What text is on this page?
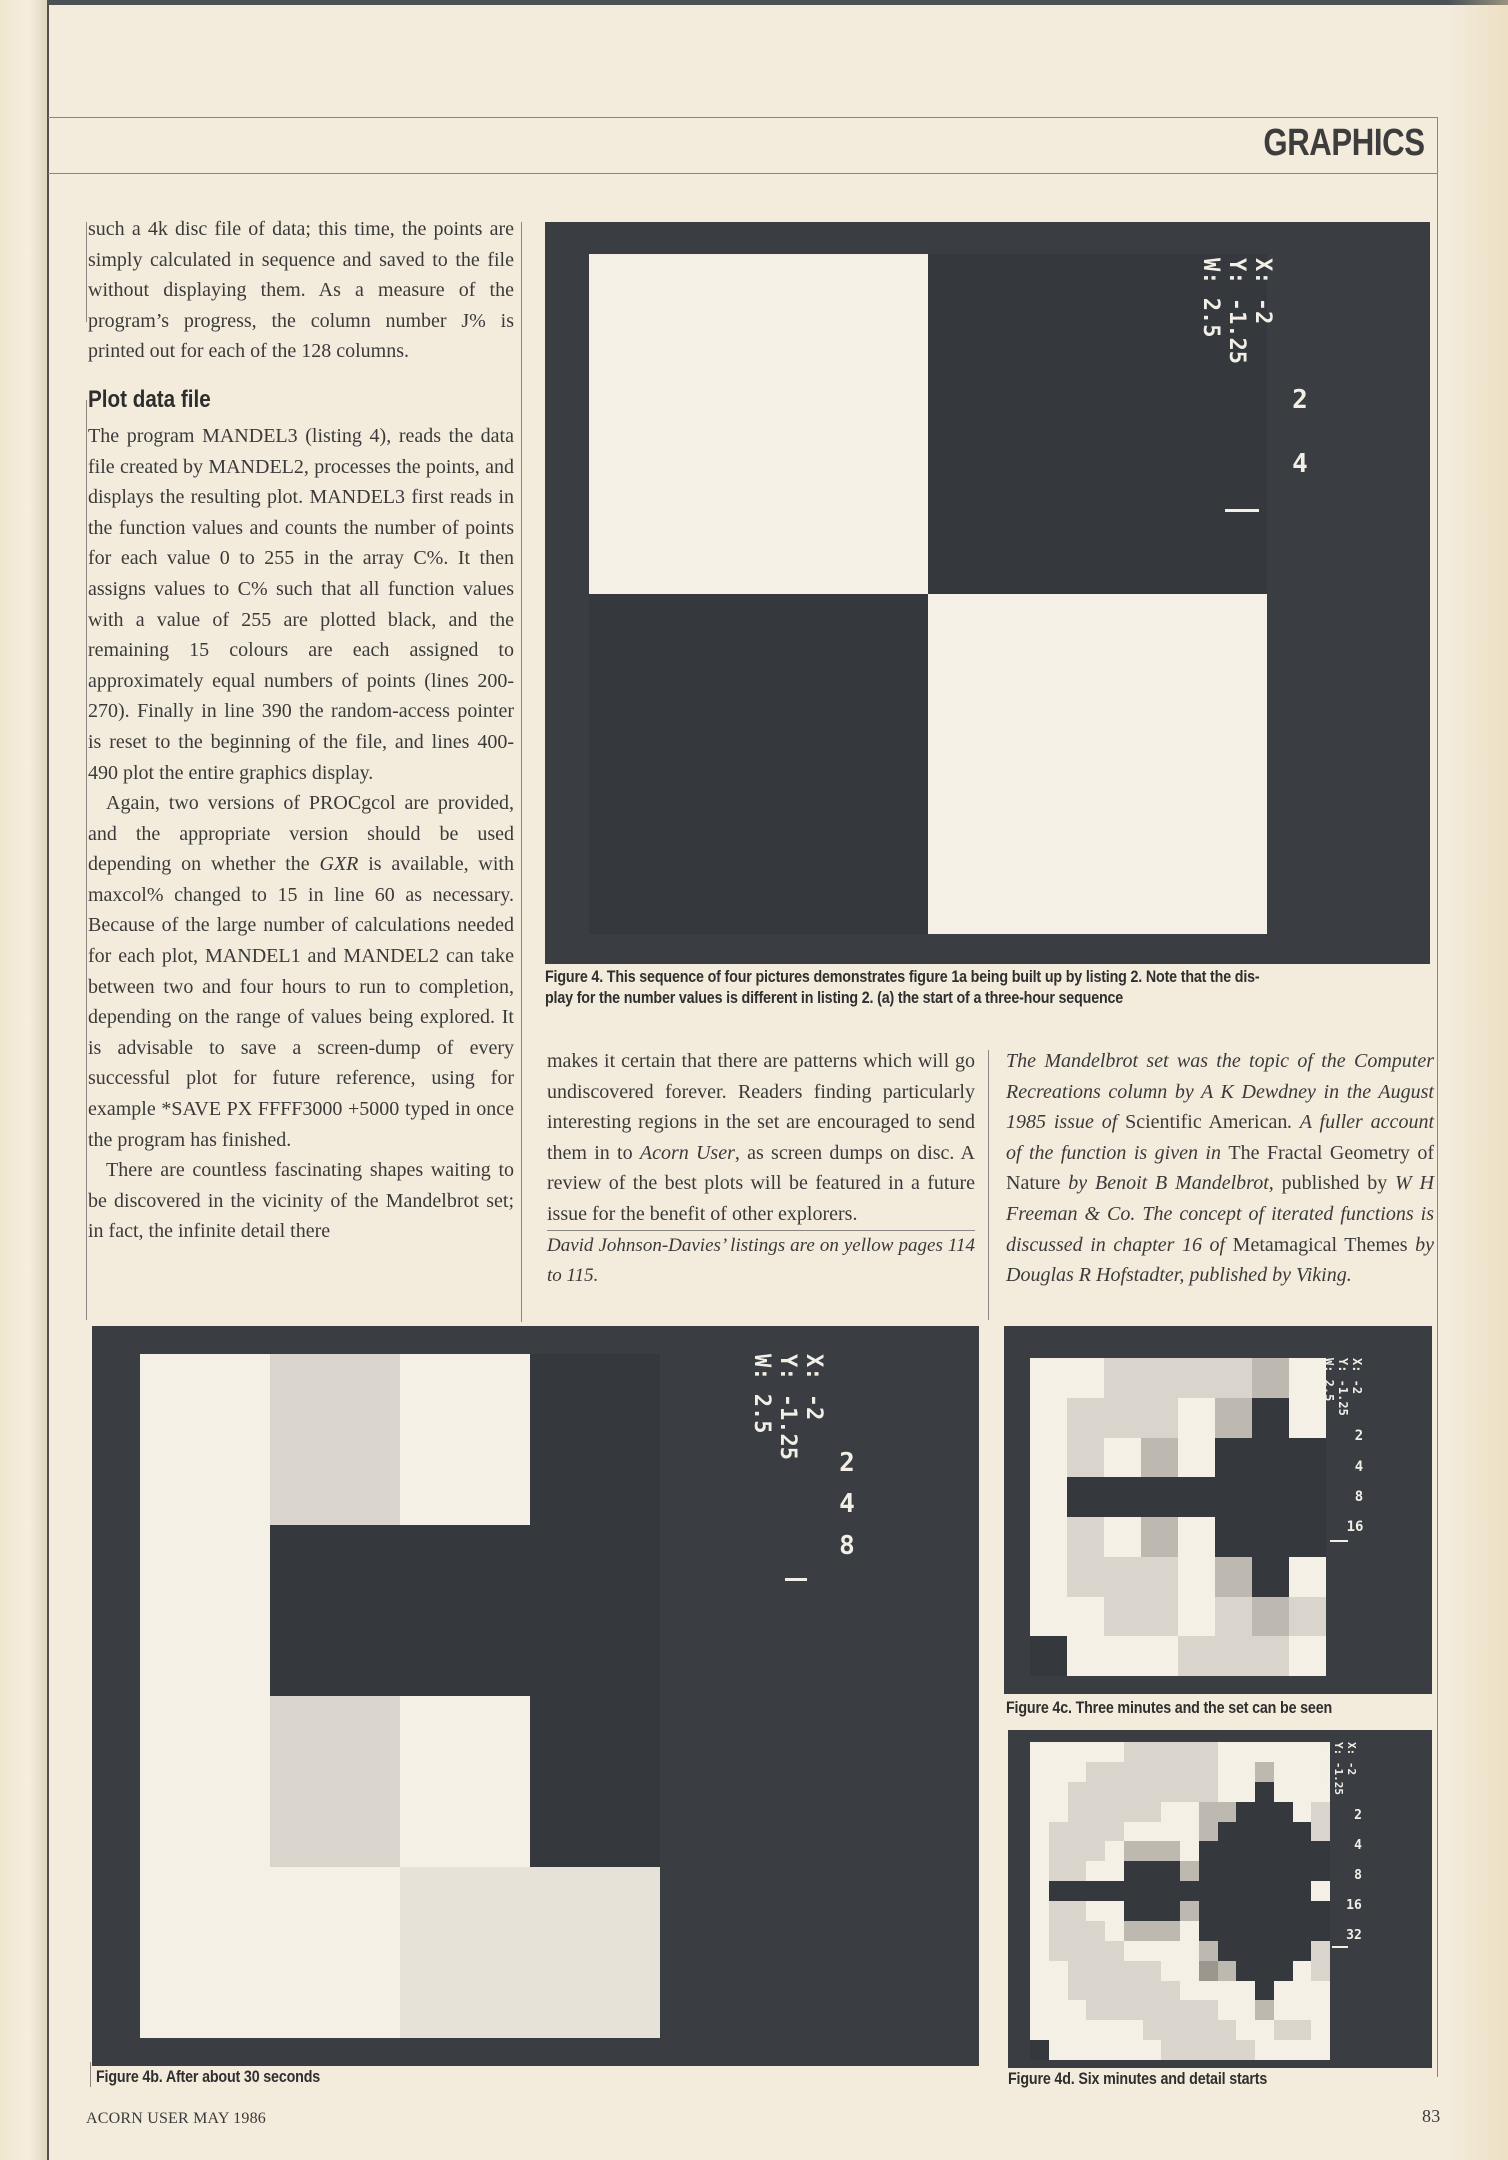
GRAPHICS

such a 4k disc file of data; this time, the points are simply calculated in sequence and saved to the file without displaying them. As a measure of the program’s progress, the column number J% is printed out for each of the 128 columns.

Plot data file

The program MANDEL3 (listing 4), reads the data file created by MANDEL2, processes the points, and displays the resulting plot. MANDEL3 first reads in the function values and counts the number of points for each value 0 to 255 in the array C%. It then assigns values to C% such that all function values with a value of 255 are plotted black, and the remaining 15 colours are each assigned to approximately equal numbers of points (lines 200-270). Finally in line 390 the random-access pointer is reset to the beginning of the file, and lines 400-490 plot the entire graphics display.

Again, two versions of PROCgcol are provided, and the appropriate version should be used depending on whether the GXR is available, with maxcol% changed to 15 in line 60 as necessary. Because of the large number of calculations needed for each plot, MANDEL1 and MANDEL2 can take between two and four hours to run to completion, depending on the range of values being explored. It is advisable to save a screen-dump of every successful plot for future reference, using for example *SAVE PX FFFF3000 +5000 typed in once the program has finished.

There are countless fascinating shapes waiting to be discovered in the vicinity of the Mandelbrot set; in fact, the infinite detail there

X: -2
Y: -1.25
W: 2.5
2
4
Figure 4. This sequence of four pictures demonstrates figure 1a being built up by listing 2. Note that the dis-
play for the number values is different in listing 2. (a) the start of a three-hour sequence

makes it certain that there are patterns which will go undiscovered forever. Readers finding particularly interesting regions in the set are encouraged to send them in to Acorn User, as screen dumps on disc. A review of the best plots will be featured in a future issue for the benefit of other explorers.

David Johnson-Davies’ listings are on yellow pages 114 to 115.

The Mandelbrot set was the topic of the Computer Recreations column by A K Dewdney in the August 1985 issue of Scientific American. A fuller account of the function is given in The Fractal Geometry of Nature by Benoit B Mandelbrot, published by W H Freeman & Co. The concept of iterated functions is discussed in chapter 16 of Metamagical Themes by Douglas R Hofstadter, published by Viking.

X: -2
Y: -1.25
W: 2.5
2
4
8
Figure 4b. After about 30 seconds
X: -2
Y: -1.25
W: 2.5
2
4
8
16
Figure 4c. Three minutes and the set can be seen
X: -2
Y: -1.25
W: 2.5
2
4
8
16
32
Figure 4d. Six minutes and detail starts
ACORN USER MAY 1986	83
